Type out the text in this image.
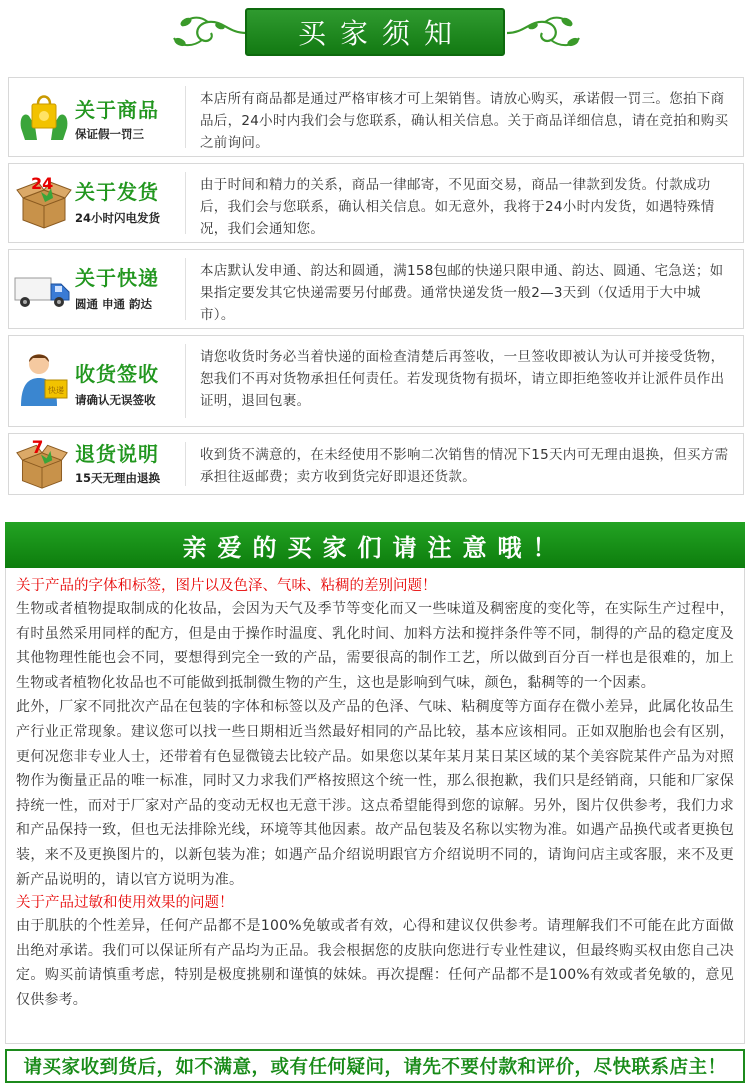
买家须知
关于商品
保证假一罚三
本店所有商品都是通过严格审核才可上架销售。请放心购买，承诺假一罚三。您拍下商品后，24小时内我们会与您联系，确认相关信息。关于商品详细信息，请在竞拍和购买之前询问。
24 关于发货
24小时闪电发货
由于时间和精力的关系，商品一律邮寄，不见面交易，商品一律款到发货。付款成功后，我们会与您联系，确认相关信息。如无意外，我将于24小时内发货，如遇特殊情况，我们会通知您。
关于快递
圆通 申通 韵达
本店默认发申通、韵达和圆通，满158包邮的快递只限申通、韵达、圆通、宅急送；如果指定要发其它快递需要另付邮费。通常快递发货一般2—3天到（仅适用于大中城市）。
快递
收货签收
请确认无误签收
请您收货时务必当着快递的面检查清楚后再签收，一旦签收即被认为认可并接受货物，恕我们不再对货物承担任何责任。若发现货物有损坏，请立即拒绝签收并让派件员作出证明，退回包裹。
7 退货说明
15天无理由退换
收到货不满意的，在未经使用不影响二次销售的情况下15天内可无理由退换，但买方需承担往返邮费；卖方收到货完好即退还货款。
亲爱的买家们请注意哦！
关于产品的字体和标签，图片以及色泽、气味、粘稠的差别问题！
生物或者植物提取制成的化妆品，会因为天气及季节等变化而又一些味道及稠密度的变化等，在实际生产过程中，有时虽然采用同样的配方，但是由于操作时温度、乳化时间、加料方法和搅拌条件等不同，制得的产品的稳定度及其他物理性能也会不同，要想得到完全一致的产品，需要很高的制作工艺，所以做到百分百一样也是很难的，加上生物或者植物化妆品也不可能做到抵制微生物的产生，这也是影响到气味，颜色，黏稠等的一个因素。
此外，厂家不同批次产品在包装的字体和标签以及产品的色泽、气味、粘稠度等方面存在微小差异，此属化妆品生产行业正常现象。建议您可以找一些日期相近当然最好相同的产品比较，基本应该相同。正如双胞胎也会有区别，更何况您非专业人士，还带着有色显微镜去比较产品。如果您以某年某月某日某区域的某个美容院某件产品为对照物作为衡量正品的唯一标准，同时又力求我们严格按照这个统一性，那么很抱歉，我们只是经销商，只能和厂家保持统一性，而对于厂家对产品的变动无权也无意干涉。这点希望能得到您的谅解。另外，图片仅供参考，我们力求和产品保持一致，但也无法排除光线，环境等其他因素。故产品包装及名称以实物为准。如遇产品换代或者更换包装，来不及更换图片的，以新包装为准；如遇产品介绍说明跟官方介绍说明不同的，请询问店主或客服，来不及更新产品说明的，请以官方说明为准。
关于产品过敏和使用效果的问题！
由于肌肤的个性差异，任何产品都不是100%免敏或者有效，心得和建议仅供参考。请理解我们不可能在此方面做出绝对承诺。我们可以保证所有产品均为正品。我会根据您的皮肤向您进行专业性建议，但最终购买权由您自己决定。购买前请慎重考虑，特别是极度挑剔和谨慎的妹妹。再次提醒：任何产品都不是100%有效或者免敏的，意见仅供参考。
请买家收到货后，如不满意，或有任何疑问，请先不要付款和评价，尽快联系店主！
